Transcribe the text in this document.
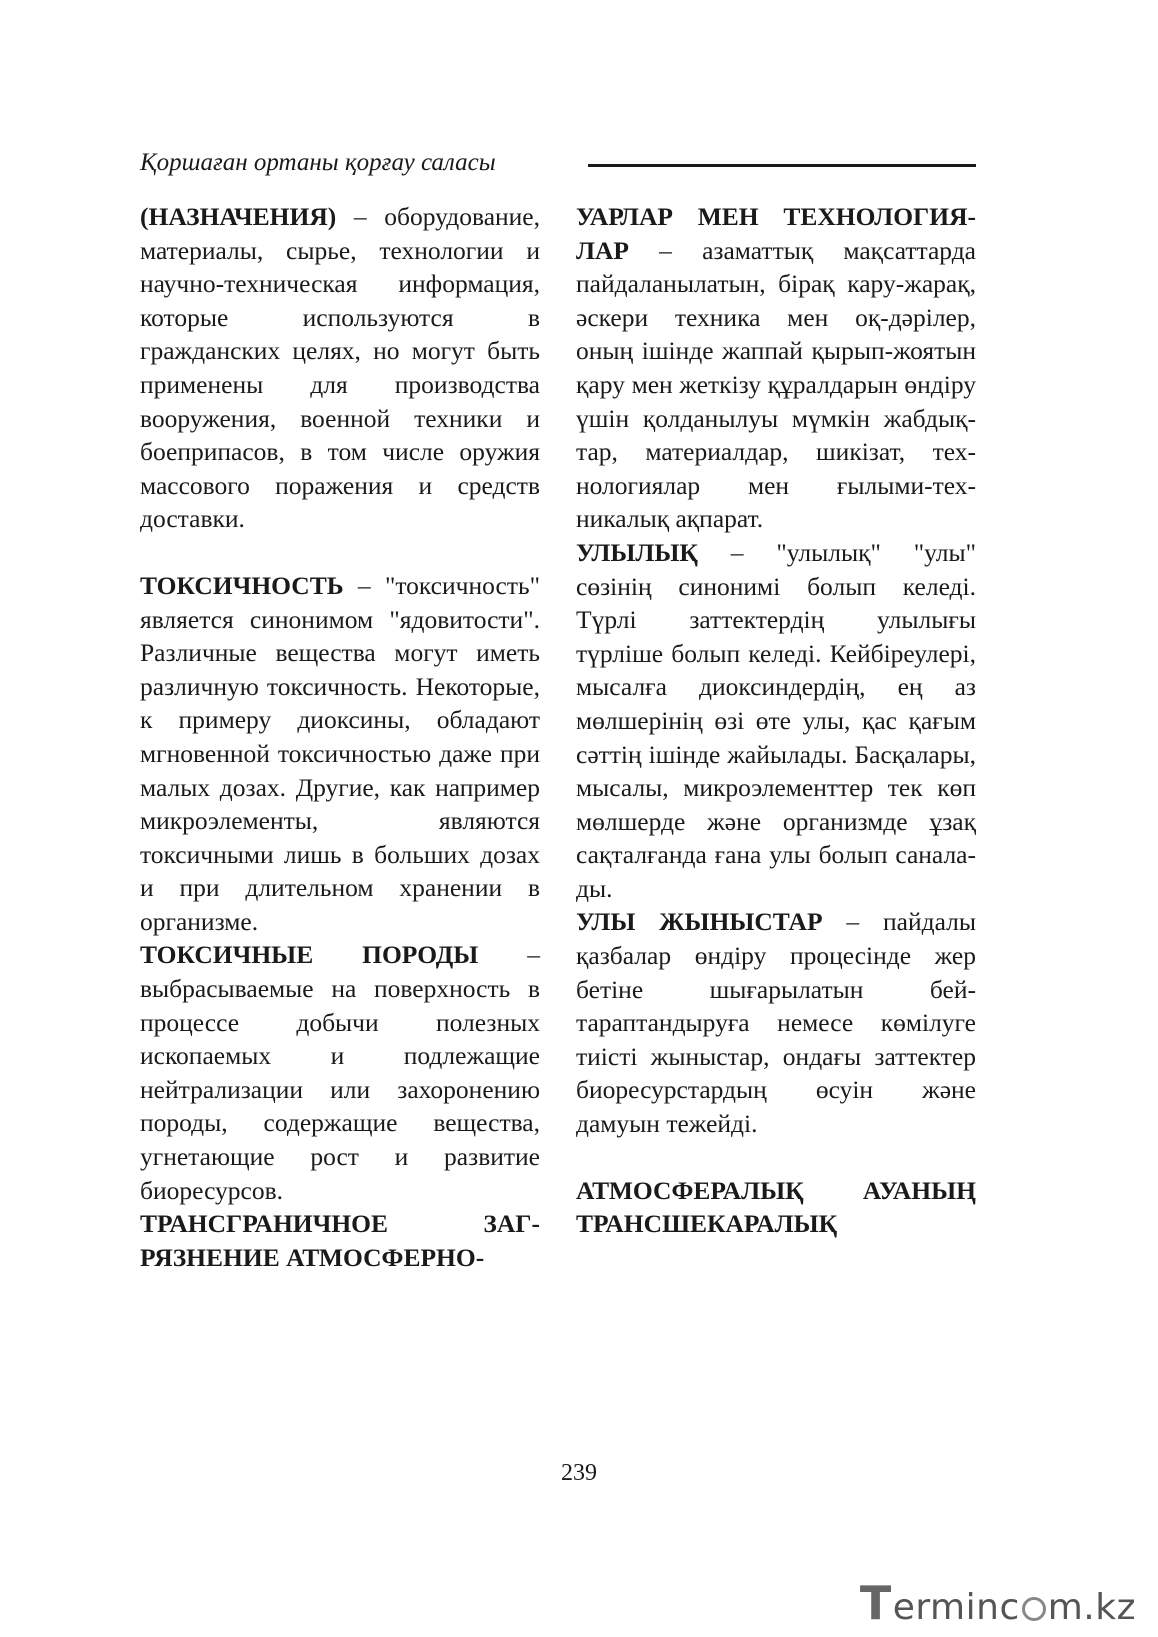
Қоршаған ортаны қорғау саласы

(НАЗНАЧЕНИЯ) – оборудование, материалы, сырье, технологии и научно-техническая информация, которые используются в гражданских целях, но могут быть применены для производства вооружения, военной техники и боеприпасов, в том числе оружия массового поражения и средств доставки.

ТОКСИЧНОСТЬ – "токсичность" является синонимом "ядовитости". Различные вещества могут иметь различную токсичность. Некоторые, к примеру диоксины, обладают мгновенной токсичностью даже при малых дозах. Другие, как например микроэлементы, являются токсичными лишь в больших дозах и при длительном хранении в организме.

ТОКСИЧНЫЕ ПОРОДЫ – выбрасываемые на поверхность в процессе добычи полезных ископаемых и подлежащие нейтрализации или захоронению породы, содержащие вещества, угнетающие рост и развитие биоресурсов.

ТРАНСГРАНИЧНОЕ ЗАГРЯЗНЕНИЕ АТМОСФЕРНО-

УАРЛАР МЕН ТЕХНОЛОГИЯЛАР – азаматтық мақсаттарда пайдаланылатын, бірақ кару-жарақ, әскери техника мен оқ-дәрілер, оның ішінде жаппай қырып-жоятын қару мен жеткізу құралдарын өндіру үшін қолданылуы мүмкін жабдықтар, материалдар, шикізат, технологиялар мен ғылыми-техникалық ақпарат.

УЛЫЛЫҚ – "улылық" "улы" сөзінің синонимі болып келеді. Түрлі заттектердің улылығы түрліше болып келеді. Кейбіреулері, мысалға диоксиндердің, ең аз мөлшерінің өзі өте улы, қас қағым сәттің ішінде жайылады. Басқалары, мысалы, микроэлементтер тек көп мөлшерде және организмде ұзақ сақталғанда ғана улы болып саналады.

УЛЫ ЖЫНЫСТАР – пайдалы қазбалар өндіру процесінде жер бетіне шығарылатын бейтараптандыруға немесе көмілуге тиісті жыныстар, ондағы заттектер биоресурстардың өсуін және дамуын тежейді.

АТМОСФЕРАЛЫҚ АУАНЫҢ ТРАНСШЕКАРАЛЫҚ

239
T erminc m.kz
